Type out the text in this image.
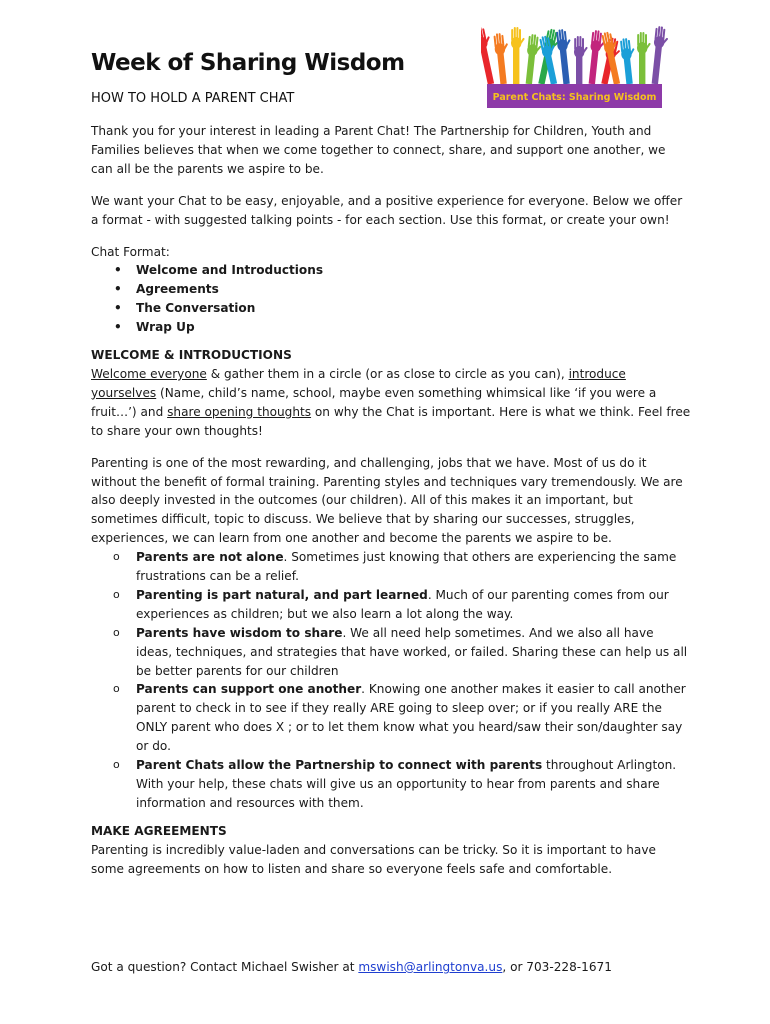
Week of Sharing Wisdom
HOW TO HOLD A PARENT CHAT	Parent Chats: Sharing Wisdom

Thank you for your interest in leading a Parent Chat! The Partnership for Children, Youth and Families believes that when we come together to connect, share, and support one another, we can all be the parents we aspire to be.

We want your Chat to be easy, enjoyable, and a positive experience for everyone. Below we offer a format - with suggested talking points - for each section. Use this format, or create your own!

Chat Format:

• Welcome and Introductions
• Agreements
• The Conversation
• Wrap Up

WELCOME & INTRODUCTIONS

Welcome everyone & gather them in a circle (or as close to circle as you can), introduce yourselves (Name, child’s name, school, maybe even something whimsical like ‘if you were a fruit…’) and share opening thoughts on why the Chat is important. Here is what we think. Feel free to share your own thoughts!

Parenting is one of the most rewarding, and challenging, jobs that we have. Most of us do it without the benefit of formal training. Parenting styles and techniques vary tremendously. We are also deeply invested in the outcomes (our children). All of this makes it an important, but sometimes difficult, topic to discuss. We believe that by sharing our successes, struggles, experiences, we can learn from one another and become the parents we aspire to be.

o Parents are not alone. Sometimes just knowing that others are experiencing the same frustrations can be a relief.
o Parenting is part natural, and part learned. Much of our parenting comes from our experiences as children; but we also learn a lot along the way.
o Parents have wisdom to share. We all need help sometimes. And we also all have ideas, techniques, and strategies that have worked, or failed. Sharing these can help us all be better parents for our children
o Parents can support one another. Knowing one another makes it easier to call another parent to check in to see if they really ARE going to sleep over; or if you really ARE the ONLY parent who does X ; or to let them know what you heard/saw their son/daughter say or do.
o Parent Chats allow the Partnership to connect with parents throughout Arlington. With your help, these chats will give us an opportunity to hear from parents and share information and resources with them.

MAKE AGREEMENTS

Parenting is incredibly value-laden and conversations can be tricky. So it is important to have some agreements on how to listen and share so everyone feels safe and comfortable.

Got a question? Contact Michael Swisher at mswish@arlingtonva.us, or 703-228-1671
